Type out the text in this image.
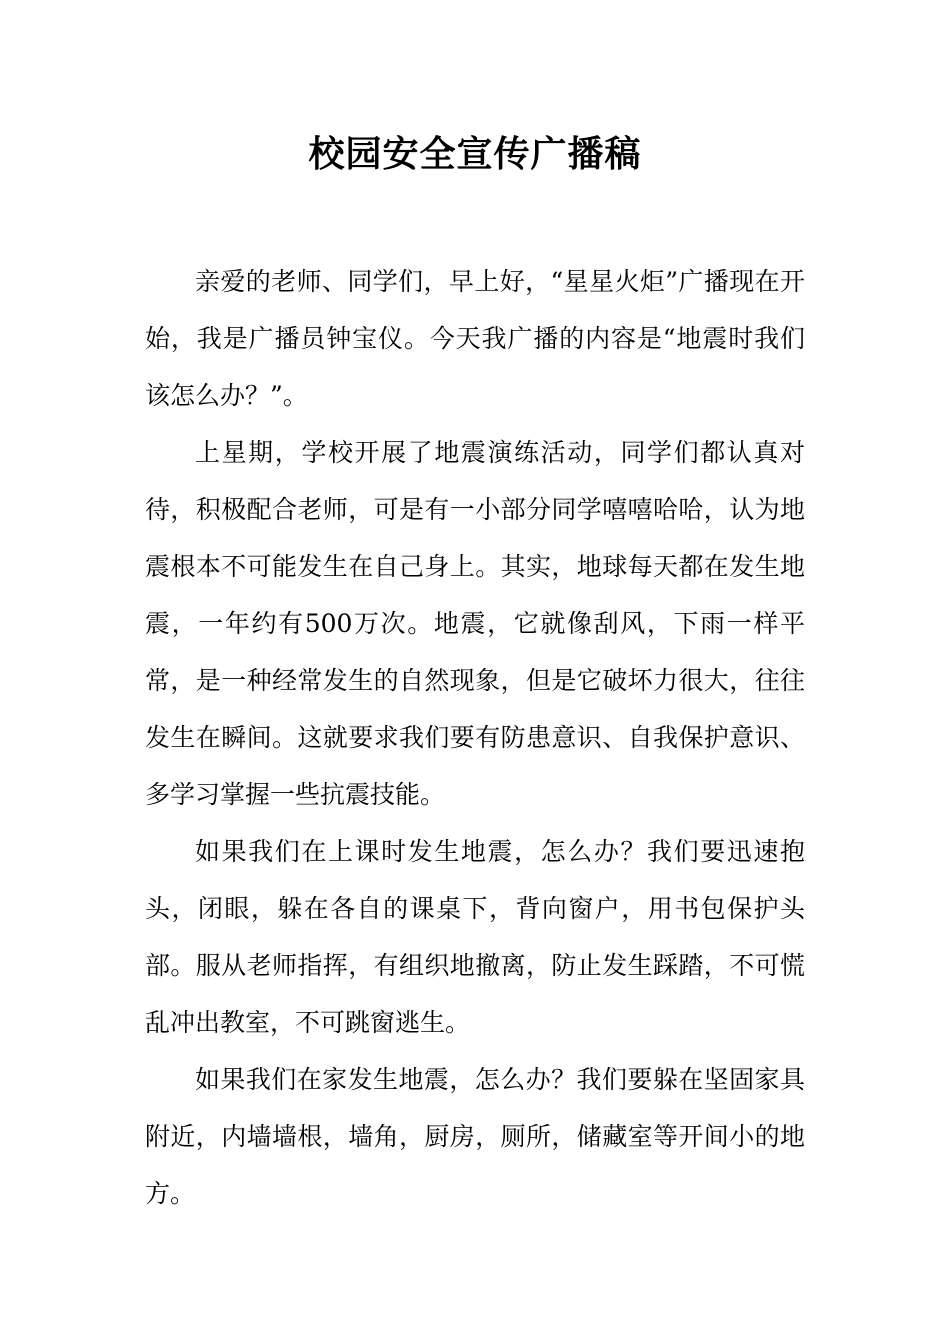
校园安全宣传广播稿

亲爱的老师、同学们，早上好，“星星火炬”广播现在开始，我是广播员钟宝仪。今天我广播的内容是“地震时我们该怎么办？”。

上星期，学校开展了地震演练活动，同学们都认真对待，积极配合老师，可是有一小部分同学嘻嘻哈哈，认为地震根本不可能发生在自己身上。其实，地球每天都在发生地震，一年约有500万次。地震，它就像刮风，下雨一样平常，是一种经常发生的自然现象，但是它破坏力很大，往往发生在瞬间。这就要求我们要有防患意识、自我保护意识、多学习掌握一些抗震技能。

如果我们在上课时发生地震，怎么办？我们要迅速抱头，闭眼，躲在各自的课桌下，背向窗户，用书包保护头部。服从老师指挥，有组织地撤离，防止发生踩踏，不可慌乱冲出教室，不可跳窗逃生。

如果我们在家发生地震，怎么办？我们要躲在坚固家具附近，内墙墙根，墙角，厨房，厕所，储藏室等开间小的地方。
